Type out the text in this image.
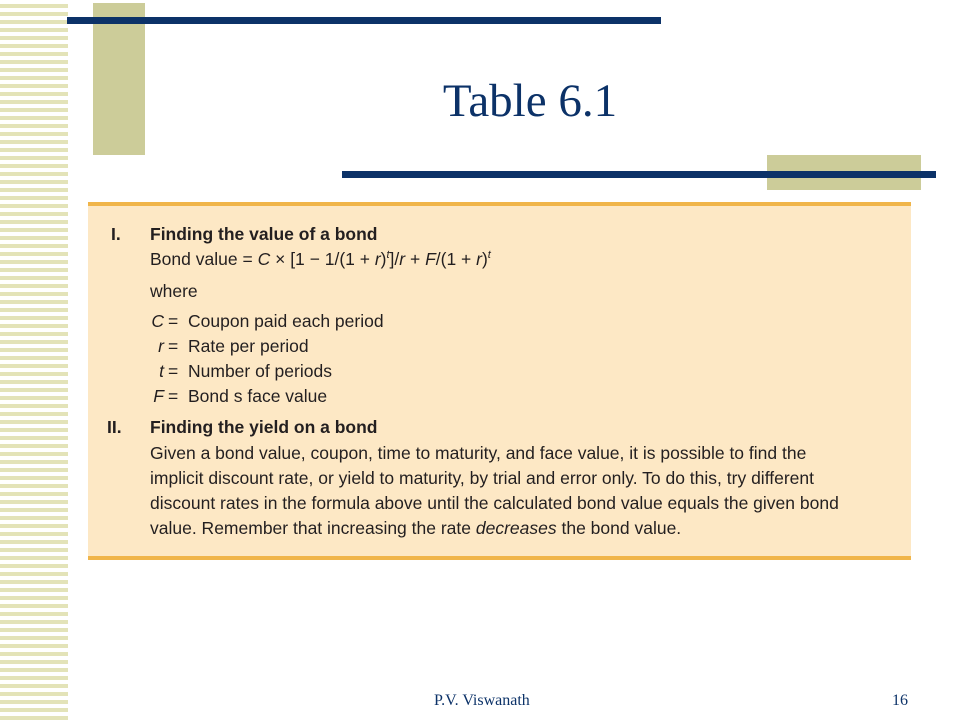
Table 6.1
I. Finding the value of a bond
Bond value = $C \times [1 - 1/(1 + r)^t]/r + F/(1 + r)^t$
where
C = Coupon paid each period
r = Rate per period
t = Number of periods
F = Bond s face value
II. Finding the yield on a bond
Given a bond value, coupon, time to maturity, and face value, it is possible to find the
implicit discount rate, or yield to maturity, by trial and error only. To do this, try different
discount rates in the formula above until the calculated bond value equals the given bond
value. Remember that increasing the rate decreases the bond value.
P.V. Viswanath	16
